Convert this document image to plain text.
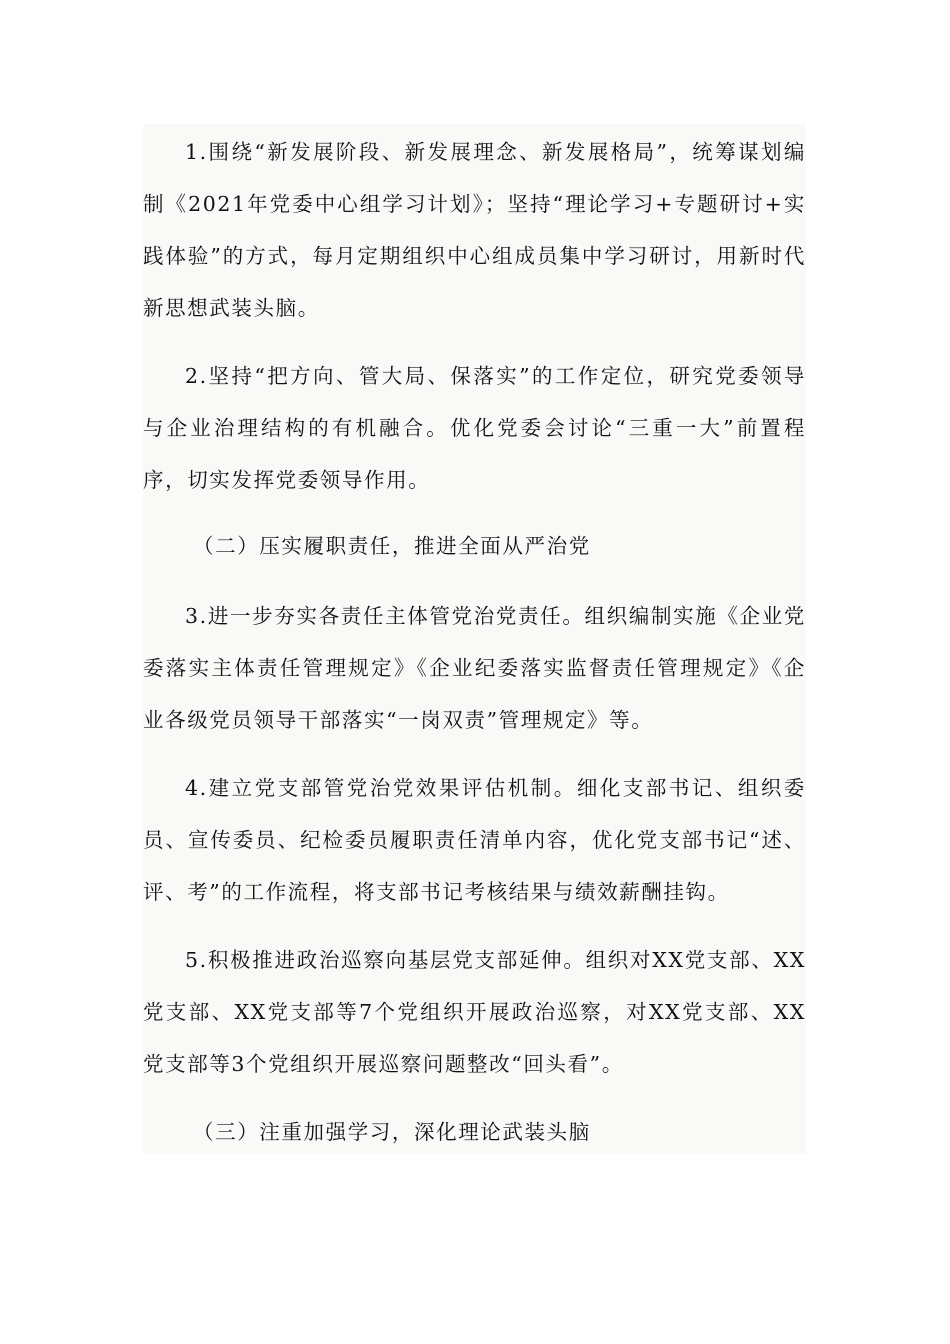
1.围绕“新发展阶段、新发展理念、新发展格局”，统筹谋划编制《2021年党委中心组学习计划》；坚持“理论学习+专题研讨+实践体验”的方式，每月定期组织中心组成员集中学习研讨，用新时代新思想武装头脑。

2.坚持“把方向、管大局、保落实”的工作定位，研究党委领导与企业治理结构的有机融合。优化党委会讨论“三重一大”前置程序，切实发挥党委领导作用。

（二）压实履职责任，推进全面从严治党

3.进一步夯实各责任主体管党治党责任。组织编制实施《企业党委落实主体责任管理规定》《企业纪委落实监督责任管理规定》《企业各级党员领导干部落实“一岗双责”管理规定》等。

4.建立党支部管党治党效果评估机制。细化支部书记、组织委员、宣传委员、纪检委员履职责任清单内容，优化党支部书记“述、评、考”的工作流程，将支部书记考核结果与绩效薪酬挂钩。

5.积极推进政治巡察向基层党支部延伸。组织对XX党支部、XX党支部、XX党支部等7个党组织开展政治巡察，对XX党支部、XX党支部等3个党组织开展巡察问题整改“回头看”。

（三）注重加强学习，深化理论武装头脑
